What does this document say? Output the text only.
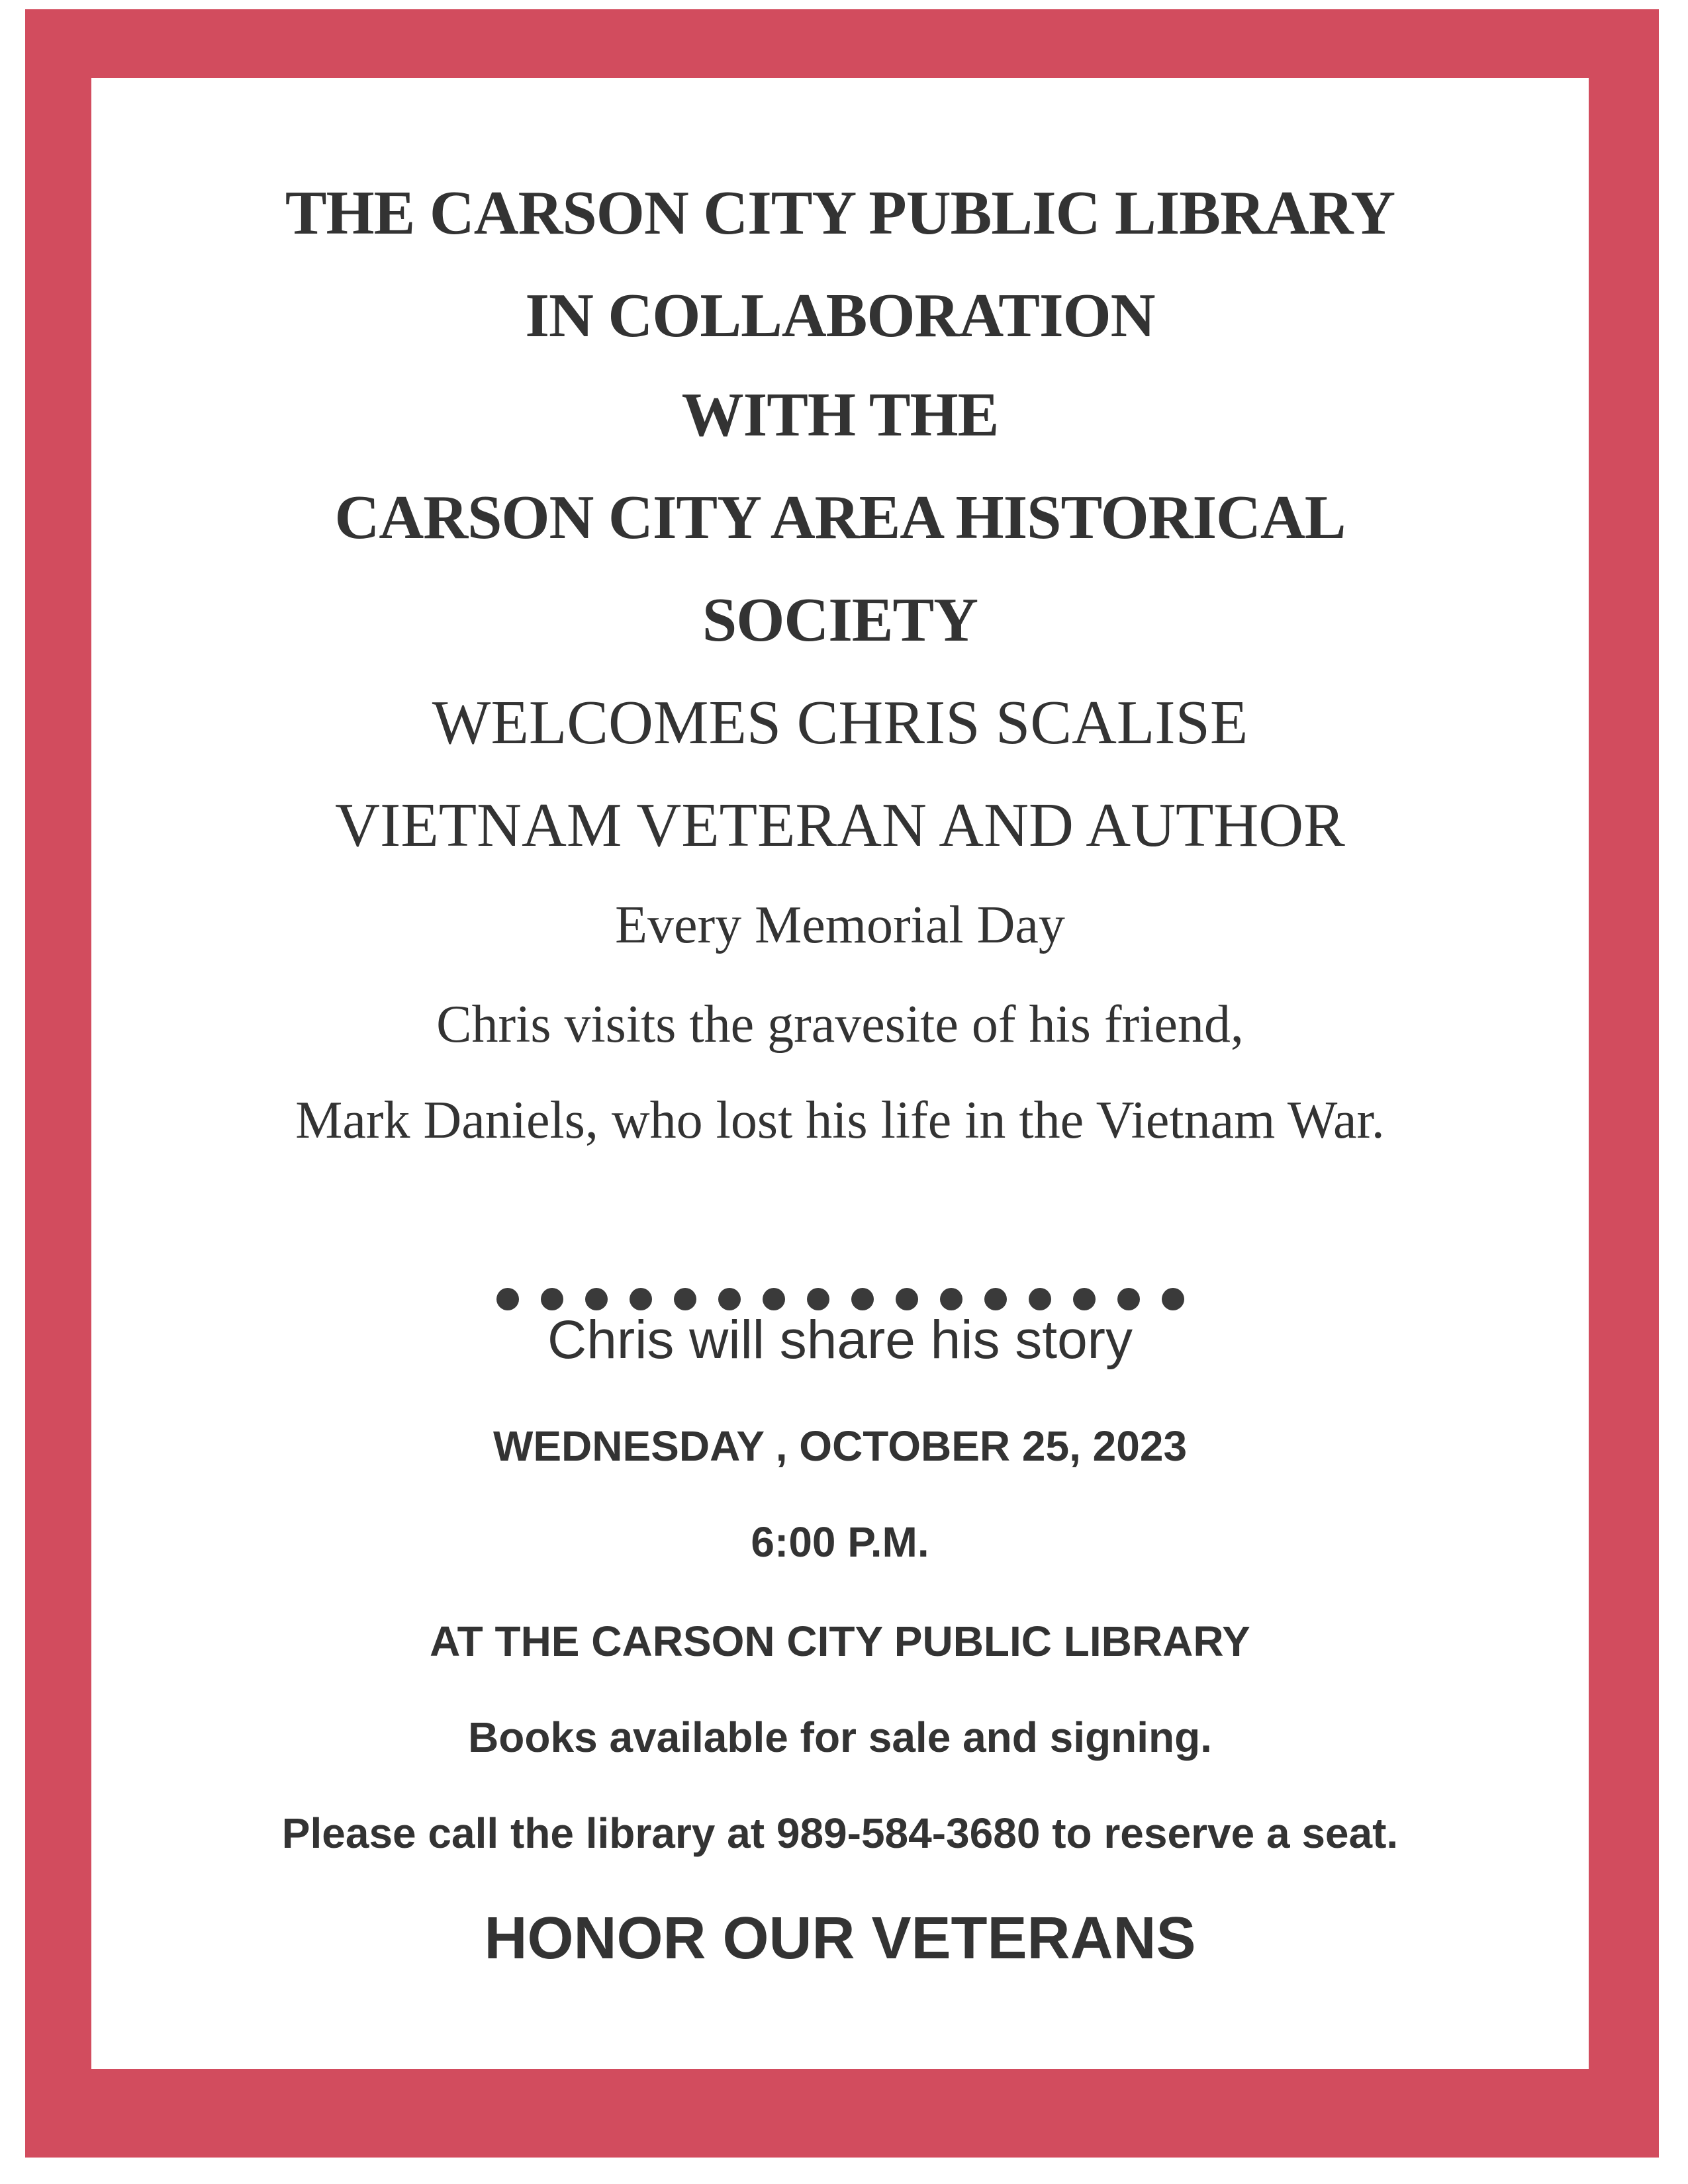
THE CARSON CITY PUBLIC LIBRARY

IN COLLABORATION

WITH THE

CARSON CITY AREA HISTORICAL

SOCIETY

WELCOMES CHRIS SCALISE

VIETNAM VETERAN AND AUTHOR

Every Memorial Day

Chris visits the gravesite of his friend,

Mark Daniels, who lost his life in the Vietnam War.

Chris will share his story

WEDNESDAY , OCTOBER 25, 2023

6:00 P.M.

AT THE CARSON CITY PUBLIC LIBRARY

Books available for sale and signing.

Please call the library at 989-584-3680 to reserve a seat.

HONOR OUR VETERANS
